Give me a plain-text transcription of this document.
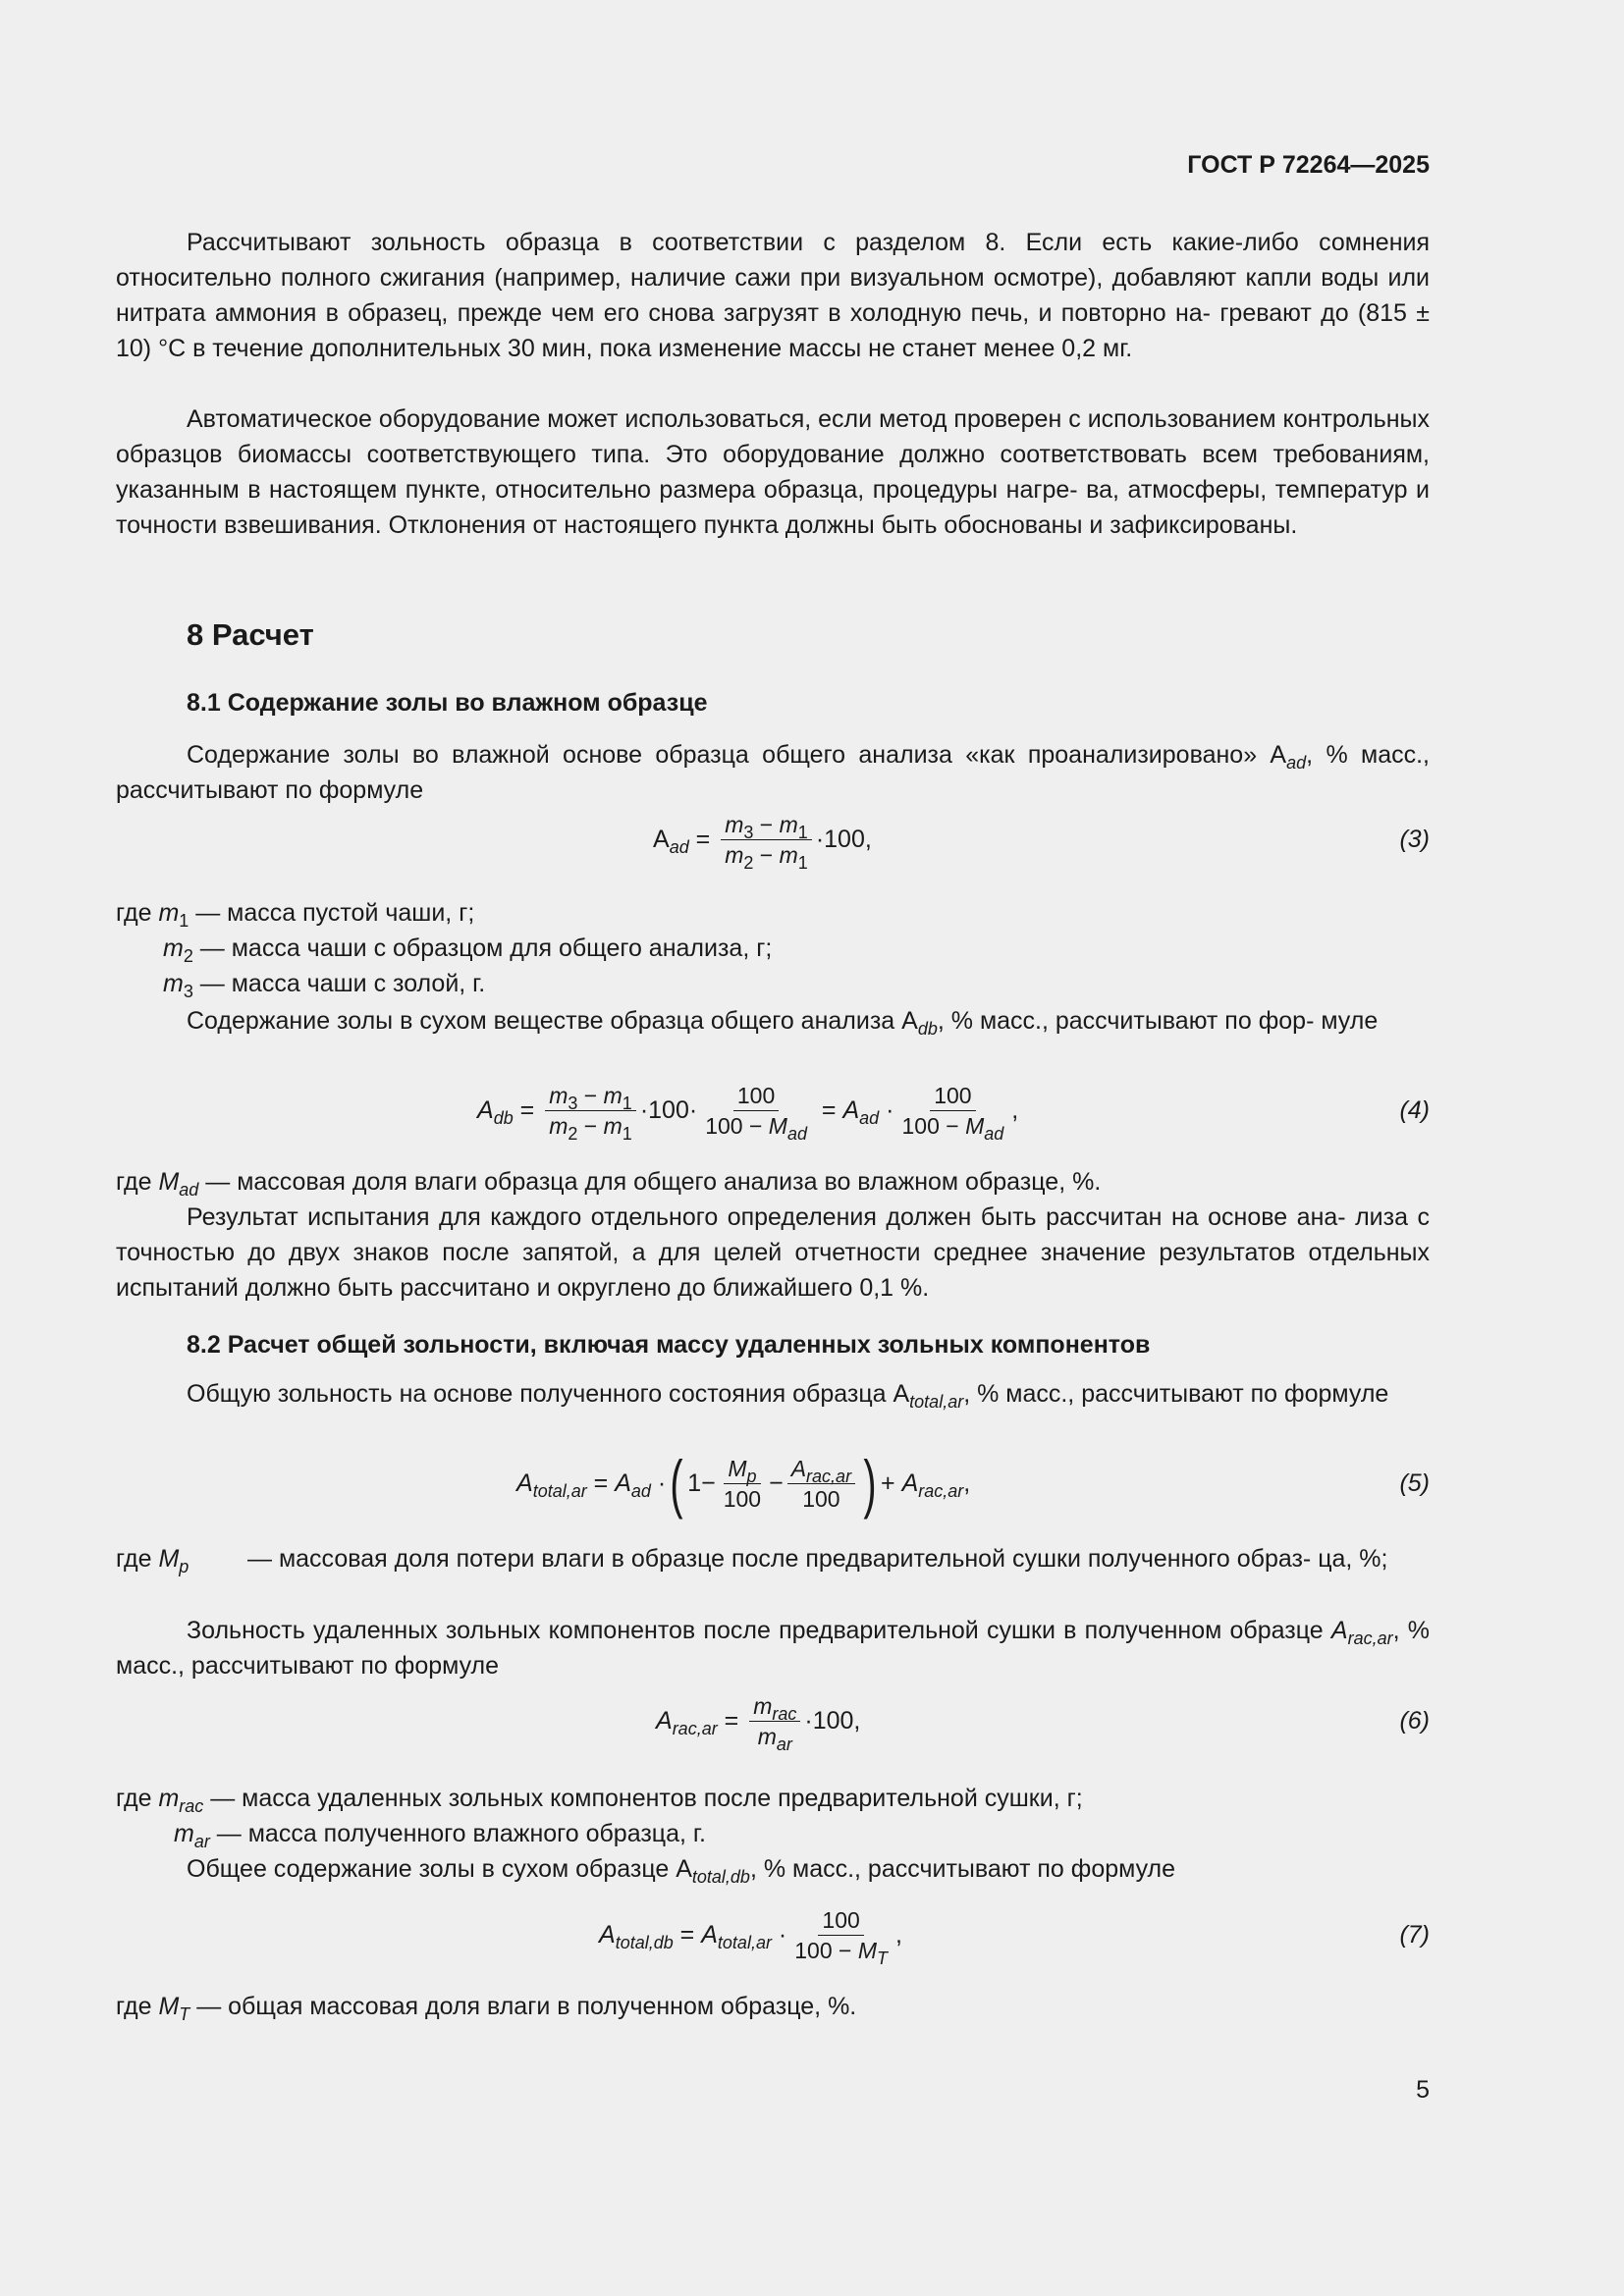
ГОСТ Р 72264—2025

Рассчитывают зольность образца в соответствии с разделом 8. Если есть какие-либо сомнения относительно полного сжигания (например, наличие сажи при визуальном осмотре), добавляют капли воды или нитрата аммония в образец, прежде чем его снова загрузят в холодную печь, и повторно на- гревают до (815 ± 10) °С в течение дополнительных 30 мин, пока изменение массы не станет менее 0,2 мг.

Автоматическое оборудование может использоваться, если метод проверен с использованием контрольных образцов биомассы соответствующего типа. Это оборудование должно соответствовать всем требованиям, указанным в настоящем пункте, относительно размера образца, процедуры нагре- ва, атмосферы, температур и точности взвешивания. Отклонения от настоящего пункта должны быть обоснованы и зафиксированы.

8 Расчет
8.1 Содержание золы во влажном образце

Содержание золы во влажной основе образца общего анализа «как проанализировано» $A_{ad}$, % масс., рассчитывают по формуле

$A_{ad} = \frac{m_3 - m_1}{m_2 - m_1} \cdot 100$,	(3)
где $m_1$ — масса пустой чаши, г;
$m_2$ — масса чаши с образцом для общего анализа, г;
$m_3$ — масса чаши с золой, г.

Содержание золы в сухом веществе образца общего анализа $A_{db}$, % масс., рассчитывают по фор- муле

$A_{db} = \frac{m_3 - m_1}{m_2 - m_1} \cdot 100\cdot \frac{100}{100 - M_{ad}} = A_{ad} \cdot \frac{100}{100 - M_{ad}}$ ,	(4)
где $M_{ad}$ — массовая доля влаги образца для общего анализа во влажном образце, %.

Результат испытания для каждого отдельного определения должен быть рассчитан на основе ана- лиза с точностью до двух знаков после запятой, а для целей отчетности среднее значение результатов отдельных испытаний должно быть рассчитано и округлено до ближайшего 0,1 %.

8.2 Расчет общей зольности, включая массу удаленных зольных компонентов

Общую зольность на основе полученного состояния образца $A_{total,ar}$, % масс., рассчитывают по формуле

$A_{total,ar} = A_{ad}$ · ( $1- \frac{M_p}{100} - \frac{A_{rac,ar}}{100}$ ) + $A_{rac,ar}$ ,	(5)
где $M_p$	— массовая доля потери влаги в образце после предварительной сушки полученного образ- ца, %;

Зольность удаленных зольных компонентов после предварительной сушки в полученном образце $A_{rac,ar}$, % масс., рассчитывают по формуле

$A_{rac,ar} = \frac{m_{rac}}{m_{ar}} \cdot 100$,	(6)
где $m_{rac}$ — масса удаленных зольных компонентов после предварительной сушки, г;
$m_{ar}$ — масса полученного влажного образца, г.

Общее содержание золы в сухом образце $A_{total,db}$, % масс., рассчитывают по формуле

$A_{total,db} = A_{total,ar} \cdot \frac{100}{100 - M_T}$ ,	(7)
где $M_T$ — общая массовая доля влаги в полученном образце, %.
5
